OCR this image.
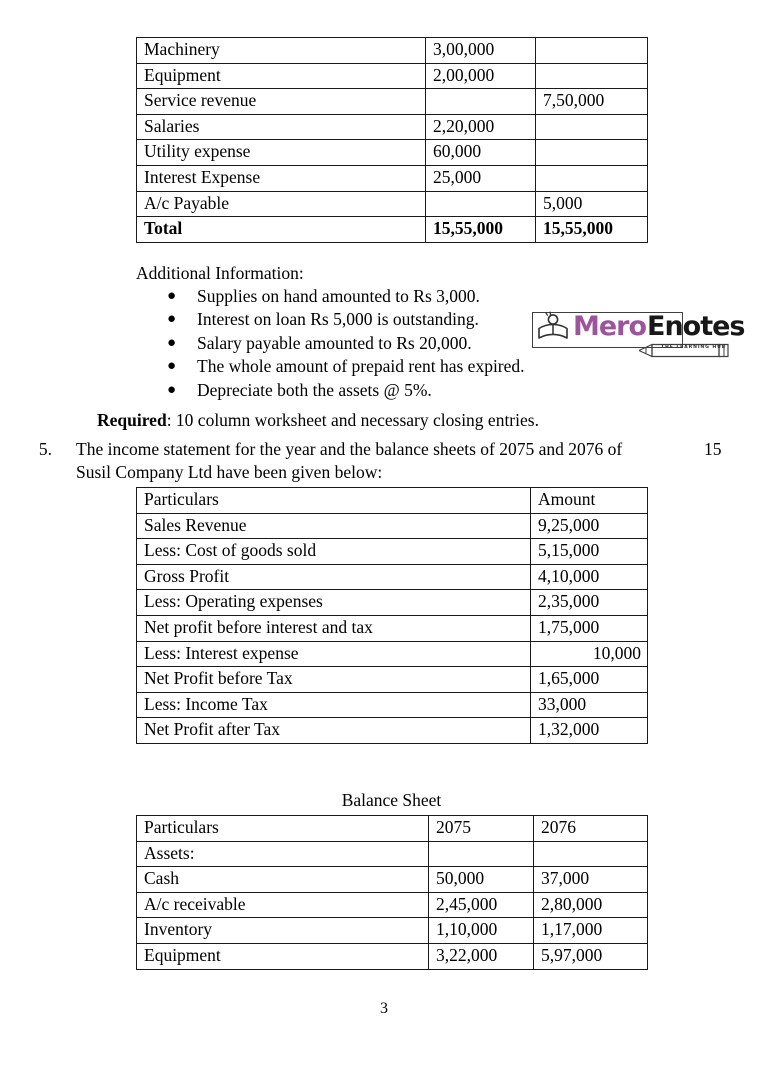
Machinery	3,00,000	
Equipment	2,00,000	
Service revenue		7,50,000
Salaries	2,20,000	
Utility expense	60,000	
Interest Expense	25,000	
A/c Payable		5,000
Total	15,55,000	15,55,000
Additional Information:
● Supplies on hand amounted to Rs 3,000.
● Interest on loan Rs 5,000 is outstanding.
● Salary payable amounted to Rs 20,000.
● The whole amount of prepaid rent has expired.
● Depreciate both the assets @ 5%.
Required: 10 column worksheet and necessary closing entries.
5. The income statement for the year and the balance sheets of 2075 and 2076 of Susil Company Ltd have been given below:
15
Particulars	Amount
Sales Revenue	9,25,000
Less: Cost of goods sold	5,15,000
Gross Profit	4,10,000
Less: Operating expenses	2,35,000
Net profit before interest and tax	1,75,000
Less: Interest expense	10,000
Net Profit before Tax	1,65,000
Less: Income Tax	33,000
Net Profit after Tax	1,32,000
Balance Sheet
Particulars	2075	2076
Assets:		
Cash	50,000	37,000
A/c receivable	2,45,000	2,80,000
Inventory	1,10,000	1,17,000
Equipment	3,22,000	5,97,000
3
Mero Enotes
THE LEARNING HUB
